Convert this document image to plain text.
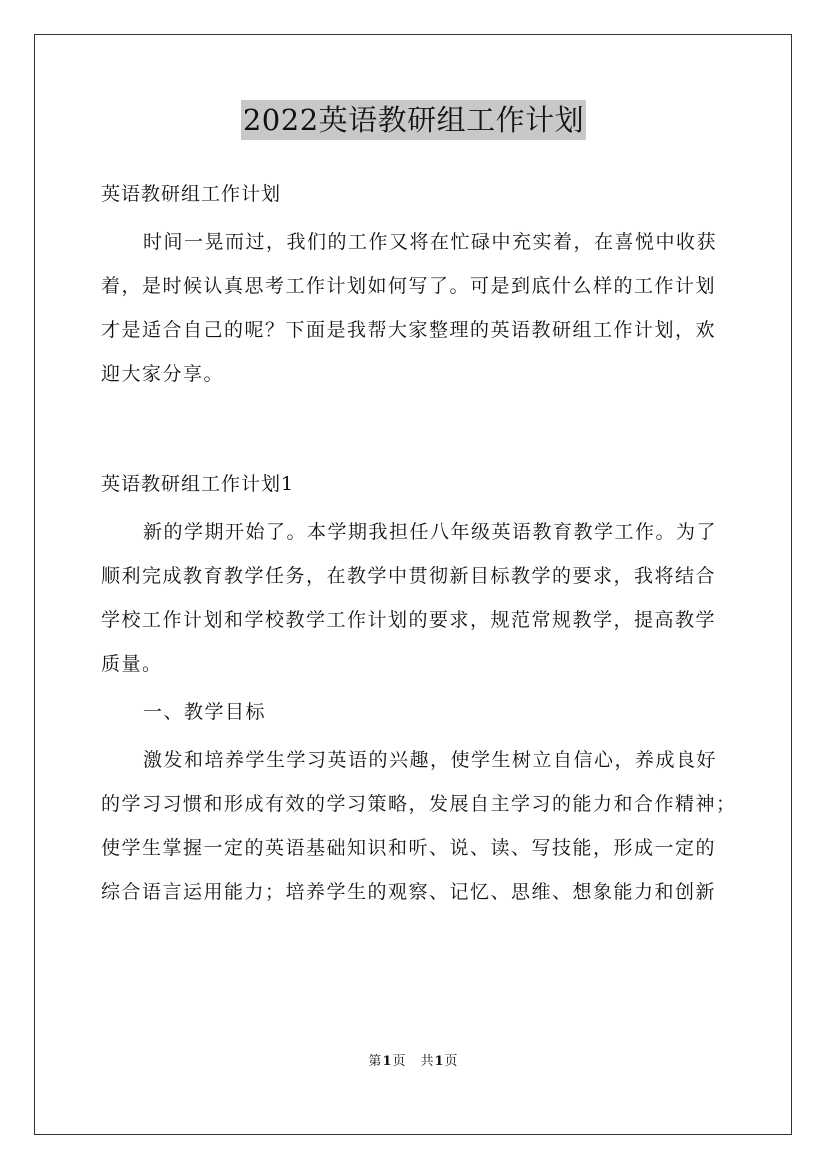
2022英语教研组工作计划
英语教研组工作计划
时间一晃而过，我们的工作又将在忙碌中充实着，在喜悦中收获
着，是时候认真思考工作计划如何写了。可是到底什么样的工作计划
才是适合自己的呢？下面是我帮大家整理的英语教研组工作计划，欢
迎大家分享。
英语教研组工作计划1
新的学期开始了。本学期我担任八年级英语教育教学工作。为了
顺利完成教育教学任务，在教学中贯彻新目标教学的要求，我将结合
学校工作计划和学校教学工作计划的要求，规范常规教学，提高教学
质量。
一、教学目标
激发和培养学生学习英语的兴趣，使学生树立自信心，养成良好
的学习习惯和形成有效的学习策略，发展自主学习的能力和合作精神；
使学生掌握一定的英语基础知识和听、说、读、写技能，形成一定的
综合语言运用能力；培养学生的观察、记忆、思维、想象能力和创新
第1页　共1页
